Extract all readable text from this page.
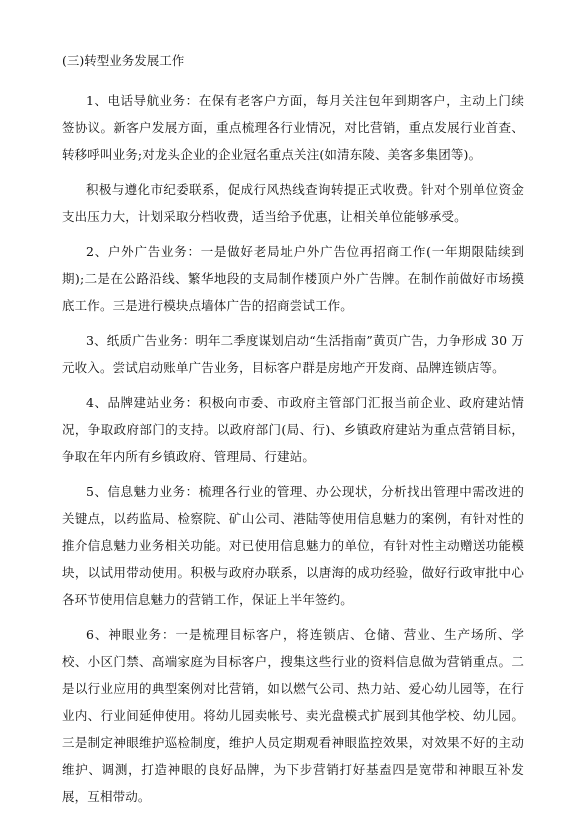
(三)转型业务发展工作

1、电话导航业务：在保有老客户方面，每月关注包年到期客户，主动上门续签协议。新客户发展方面，重点梳理各行业情况，对比营销，重点发展行业首查、转移呼叫业务;对龙头企业的企业冠名重点关注(如清东陵、美客多集团等)。

积极与遵化市纪委联系，促成行风热线查询转提正式收费。针对个别单位资金支出压力大，计划采取分档收费，适当给予优惠，让相关单位能够承受。

2、户外广告业务：一是做好老局址户外广告位再招商工作(一年期限陆续到期);二是在公路沿线、繁华地段的支局制作楼顶户外广告牌。在制作前做好市场摸底工作。三是进行模块点墙体广告的招商尝试工作。

3、纸质广告业务：明年二季度谋划启动“生活指南”黄页广告，力争形成 30 万元收入。尝试启动账单广告业务，目标客户群是房地产开发商、品牌连锁店等。

4、品牌建站业务：积极向市委、市政府主管部门汇报当前企业、政府建站情况，争取政府部门的支持。以政府部门(局、行)、乡镇政府建站为重点营销目标，争取在年内所有乡镇政府、管理局、行建站。

5、信息魅力业务：梳理各行业的管理、办公现状，分析找出管理中需改进的关键点，以药监局、检察院、矿山公司、港陆等使用信息魅力的案例，有针对性的推介信息魅力业务相关功能。对已使用信息魅力的单位，有针对性主动赠送功能模块，以试用带动使用。积极与政府办联系，以唐海的成功经验，做好行政审批中心各环节使用信息魅力的营销工作，保证上半年签约。

6、神眼业务：一是梳理目标客户，将连锁店、仓储、营业、生产场所、学校、小区门禁、高端家庭为目标客户，搜集这些行业的资料信息做为营销重点。二是以行业应用的典型案例对比营销，如以燃气公司、热力站、爱心幼儿园等，在行业内、行业间延伸使用。将幼儿园卖帐号、卖光盘模式扩展到其他学校、幼儿园。三是制定神眼维护巡检制度，维护人员定期观看神眼监控效果，对效果不好的主动维护、调测，打造神眼的良好品牌，为下步营销打好基盍四是宽带和神眼互补发展，互相带动。
